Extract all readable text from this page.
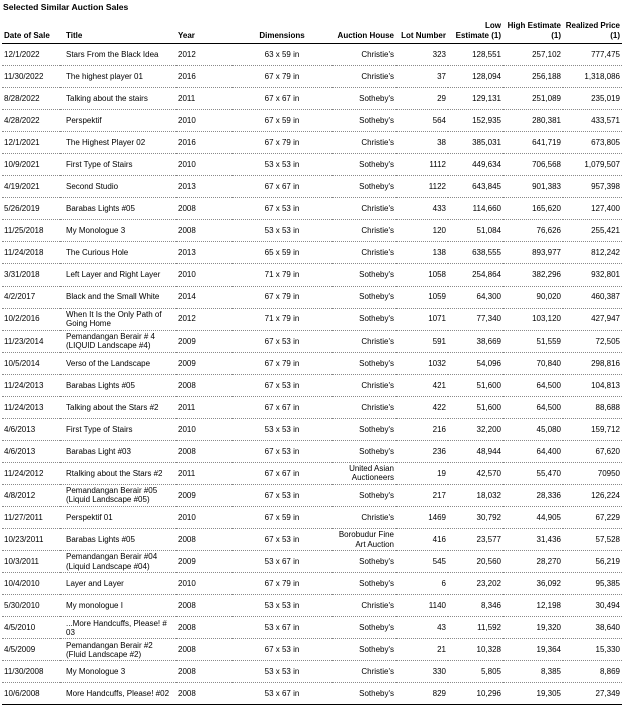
Selected Similar Auction Sales
Date of Sale	Title	Year	Dimensions	Auction House	Lot Number	Low Estimate (1)	High Estimate (1)	Realized Price (1)
12/1/2022	Stars From the Black Idea	2012	63 x 59 in	Christie's	323	128,551	257,102	777,475
11/30/2022	The highest player 01	2016	67 x 79 in	Christie's	37	128,094	256,188	1,318,086
8/28/2022	Talking about the stairs	2011	67 x 67 in	Sotheby's	29	129,131	251,089	235,019
4/28/2022	Perspektif	2010	67 x 59 in	Sotheby's	564	152,935	280,381	433,571
12/1/2021	The Highest Player 02	2016	67 x 79 in	Christie's	38	385,031	641,719	673,805
10/9/2021	First Type of Stairs	2010	53 x 53 in	Sotheby's	1112	449,634	706,568	1,079,507
4/19/2021	Second Studio	2013	67 x 67 in	Sotheby's	1122	643,845	901,383	957,398
5/26/2019	Barabas Lights #05	2008	67 x 53 in	Christie's	433	114,660	165,620	127,400
11/25/2018	My Monologue 3	2008	53 x 53 in	Christie's	120	51,084	76,626	255,421
11/24/2018	The Curious Hole	2013	65 x 59 in	Christie's	138	638,555	893,977	812,242
3/31/2018	Left Layer and Right Layer	2010	71 x 79 in	Sotheby's	1058	254,864	382,296	932,801
4/2/2017	Black and the Small White	2014	67 x 79 in	Sotheby's	1059	64,300	90,020	460,387
10/2/2016	When It Is the Only Path of Going Home	2012	71 x 79 in	Sotheby's	1071	77,340	103,120	427,947
11/23/2014	Pemandangan Berair # 4 (LIQUID Landscape #4)	2009	67 x 53 in	Christie's	591	38,669	51,559	72,505
10/5/2014	Verso of the Landscape	2009	67 x 79 in	Sotheby's	1032	54,096	70,840	298,816
11/24/2013	Barabas Lights #05	2008	67 x 53 in	Christie's	421	51,600	64,500	104,813
11/24/2013	Talking about the Stars #2	2011	67 x 67 in	Christie's	422	51,600	64,500	88,688
4/6/2013	First Type of Stairs	2010	53 x 53 in	Sotheby's	216	32,200	45,080	159,712
4/6/2013	Barabas Light #03	2008	67 x 53 in	Sotheby's	236	48,944	64,400	67,620
11/24/2012	Rtalking about the Stars #2	2011	67 x 67 in	United Asian Auctioneers	19	42,570	55,470	70950
4/8/2012	Pemandangan Berair #05 (Liquid Landscape #05)	2009	67 x 53 in	Sotheby's	217	18,032	28,336	126,224
11/27/2011	Perspektif 01	2010	67 x 59 in	Christie's	1469	30,792	44,905	67,229
10/23/2011	Barabas Lights #05	2008	67 x 53 in	Borobudur Fine Art Auction	416	23,577	31,436	57,528
10/3/2011	Pemandangan Berair #04 (Liquid Landscape #04)	2009	53 x 67 in	Sotheby's	545	20,560	28,270	56,219
10/4/2010	Layer and Layer	2010	67 x 79 in	Sotheby's	6	23,202	36,092	95,385
5/30/2010	My monologue I	2008	53 x 53 in	Christie's	1140	8,346	12,198	30,494
4/5/2010	...More Handcuffs, Please! # 03	2008	53 x 67 in	Sotheby's	43	11,592	19,320	38,640
4/5/2009	Pemandangan Berair #2 (Fluid Landscape #2)	2008	67 x 53 in	Sotheby's	21	10,328	19,364	15,330
11/30/2008	My Monologue 3	2008	53 x 53 in	Christie's	330	5,805	8,385	8,869
10/6/2008	More Handcuffs, Please! #02	2008	53 x 67 in	Sotheby's	829	10,296	19,305	27,349
